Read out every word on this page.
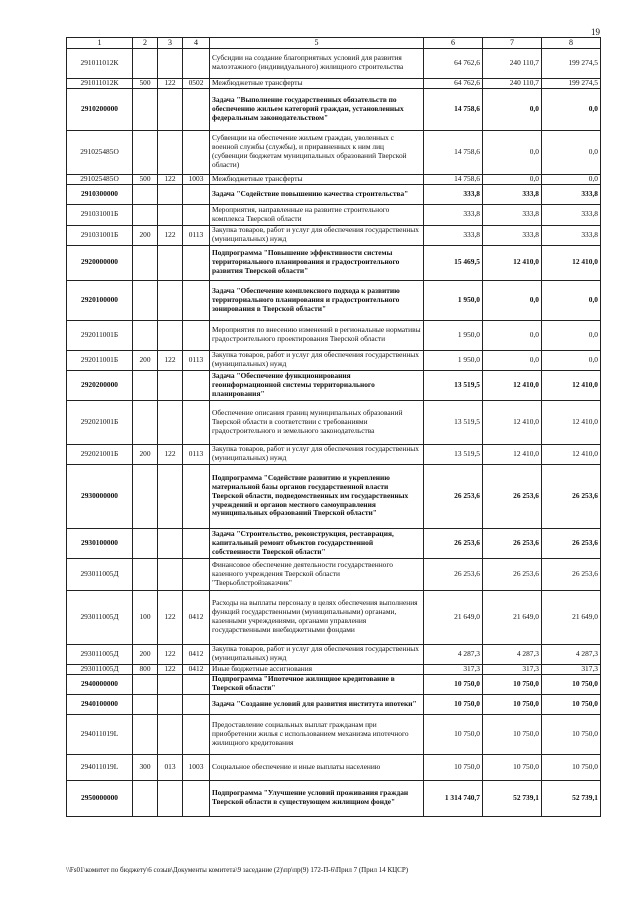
19
1	2	3	4	5	6	7	8
291011012К				Субсидии на создание благоприятных условий для развития малоэтажного (индивидуального) жилищного строительства	64 762,6	240 110,7	199 274,5
291011012К	500	122	0502	Межбюджетные трансферты	64 762,6	240 110,7	199 274,5
2910200000				Задача "Выполнение государственных обязательств по обеспечению жильем категорий граждан, установленных федеральным законодательством"	14 758,6	0,0	0,0
291025485О				Субвенции на обеспечение жильем граждан, уволенных с военной службы (службы), и приравненных к ним лиц (субвенции бюджетам муниципальных образований Тверской области)	14 758,6	0,0	0,0
291025485О	500	122	1003	Межбюджетные трансферты	14 758,6	0,0	0,0
2910300000				Задача "Содействие повышению качества строительства"	333,8	333,8	333,8
291031001Б				Мероприятия, направленные на развитие строительного комплекса Тверской области	333,8	333,8	333,8
291031001Б	200	122	0113	Закупка товаров, работ и услуг для обеспечения государственных (муниципальных) нужд	333,8	333,8	333,8
2920000000				Подпрограмма "Повышение эффективности системы территориального планирования и градостроительного развития Тверской области"	15 469,5	12 410,0	12 410,0
2920100000				Задача "Обеспечение комплексного подхода к развитию территориального планирования и градостроительного зонирования в Тверской области"	1 950,0	0,0	0,0
292011001Б				Мероприятия по внесению изменений в региональные нормативы градостроительного проектирования Тверской области	1 950,0	0,0	0,0
292011001Б	200	122	0113	Закупка товаров, работ и услуг для обеспечения государственных (муниципальных) нужд	1 950,0	0,0	0,0
2920200000				Задача "Обеспечение функционирования геоинформационной системы территориального планирования"	13 519,5	12 410,0	12 410,0
292021001Б				Обеспечение описания границ муниципальных образований Тверской области в соответствии с требованиями градостроительного и земельного законодательства	13 519,5	12 410,0	12 410,0
292021001Б	200	122	0113	Закупка товаров, работ и услуг для обеспечения государственных (муниципальных) нужд	13 519,5	12 410,0	12 410,0
2930000000				Подпрограмма "Содействие развитию и укреплению материальной базы органов государственной власти Тверской области, подведомственных им государственных учреждений и органов местного самоуправления муниципальных образований Тверской области"	26 253,6	26 253,6	26 253,6
2930100000				Задача "Строительство, реконструкция, реставрация, капитальный ремонт объектов государственной собственности Тверской области"	26 253,6	26 253,6	26 253,6
293011005Д				Финансовое обеспечение деятельности государственного казенного учреждения Тверской области "Тверьоблстройзаказчик"	26 253,6	26 253,6	26 253,6
293011005Д	100	122	0412	Расходы на выплаты персоналу в целях обеспечения выполнения функций государственными (муниципальными) органами, казенными учреждениями, органами управления государственными внебюджетными фондами	21 649,0	21 649,0	21 649,0
293011005Д	200	122	0412	Закупка товаров, работ и услуг для обеспечения государственных (муниципальных) нужд	4 287,3	4 287,3	4 287,3
293011005Д	800	122	0412	Иные бюджетные ассигнования	317,3	317,3	317,3
2940000000				Подпрограмма "Ипотечное жилищное кредитование в Тверской области"	10 750,0	10 750,0	10 750,0
2940100000				Задача "Создание условий для развития института ипотеки"	10 750,0	10 750,0	10 750,0
294011019L				Предоставление социальных выплат гражданам при приобретении жилья с использованием механизма ипотечного жилищного кредитования	10 750,0	10 750,0	10 750,0
294011019L	300	013	1003	Социальное обеспечение и иные выплаты населению	10 750,0	10 750,0	10 750,0
2950000000				Подпрограмма "Улучшение условий проживания граждан Тверской области в существующем жилищном фонде"	1 314 740,7	52 739,1	52 739,1
\\Fs01\комитет по бюджету\6 созыв\Документы комитета\9 заседание (2)\пр\пр(9) 172-П-6\Прил 7 (Прил 14 КЦСР)
